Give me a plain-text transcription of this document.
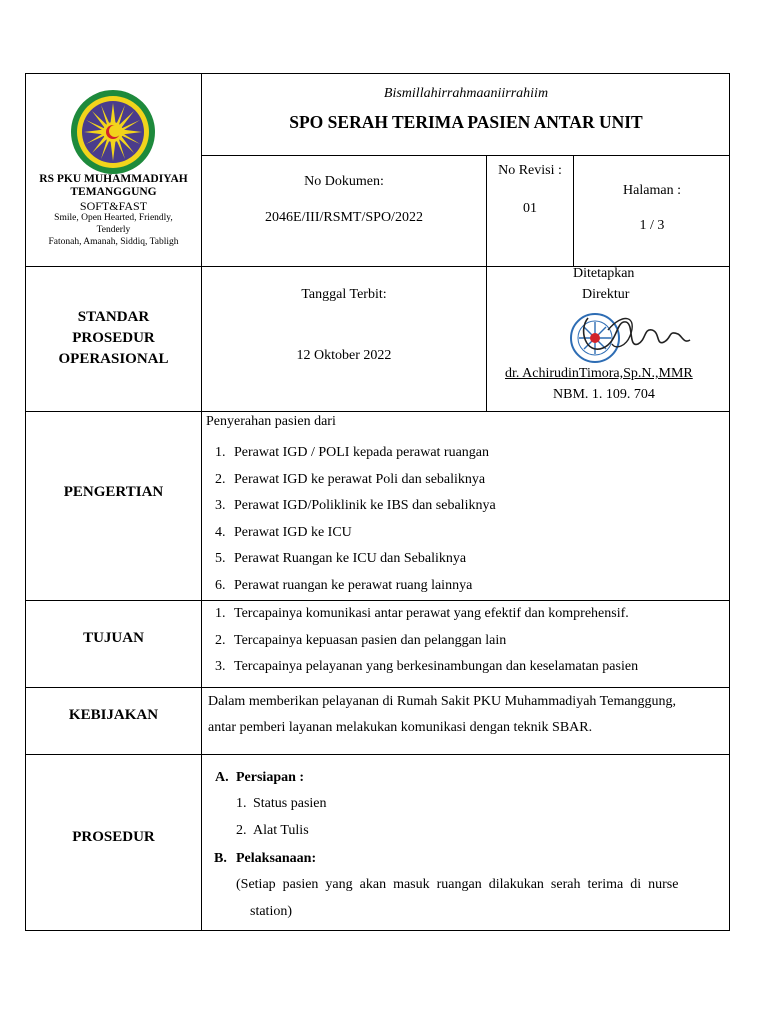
RS PKU MUHAMMADIYAH
TEMANGGUNG
SOFT&FAST
Smile, Open Hearted, Friendly,
Tenderly
Fatonah, Amanah, Siddiq, Tabligh
Bismillahirrahmaaniirrahiim
SPO SERAH TERIMA PASIEN ANTAR UNIT
No Dokumen:
2046E/III/RSMT/SPO/2022
No Revisi :
01
Halaman :
1 / 3
STANDAR
PROSEDUR
OPERASIONAL
Tanggal Terbit:
12 Oktober 2022
Ditetapkan
Direktur
dr. AchirudinTimora,Sp.N.,MMR
NBM. 1. 109. 704
PENGERTIAN
Penyerahan pasien dari
1. Perawat IGD / POLI kepada perawat ruangan
2. Perawat IGD ke perawat Poli dan sebaliknya
3. Perawat IGD/Poliklinik ke IBS dan sebaliknya
4. Perawat IGD ke ICU
5. Perawat Ruangan ke ICU dan Sebaliknya
6. Perawat ruangan ke perawat ruang lainnya
TUJUAN
1. Tercapainya komunikasi antar perawat yang efektif dan komprehensif.
2. Tercapainya kepuasan pasien dan pelanggan lain
3. Tercapainya pelayanan yang berkesinambungan dan keselamatan pasien
KEBIJAKAN
Dalam memberikan pelayanan di Rumah Sakit PKU Muhammadiyah Temanggung,
antar pemberi layanan melakukan komunikasi dengan teknik SBAR.
PROSEDUR
A. Persiapan :
1. Status pasien
2. Alat Tulis
B. Pelaksanaan:
(Setiap  pasien  yang  akan  masuk  ruangan  dilakukan  serah  terima  di  nurse
station)
